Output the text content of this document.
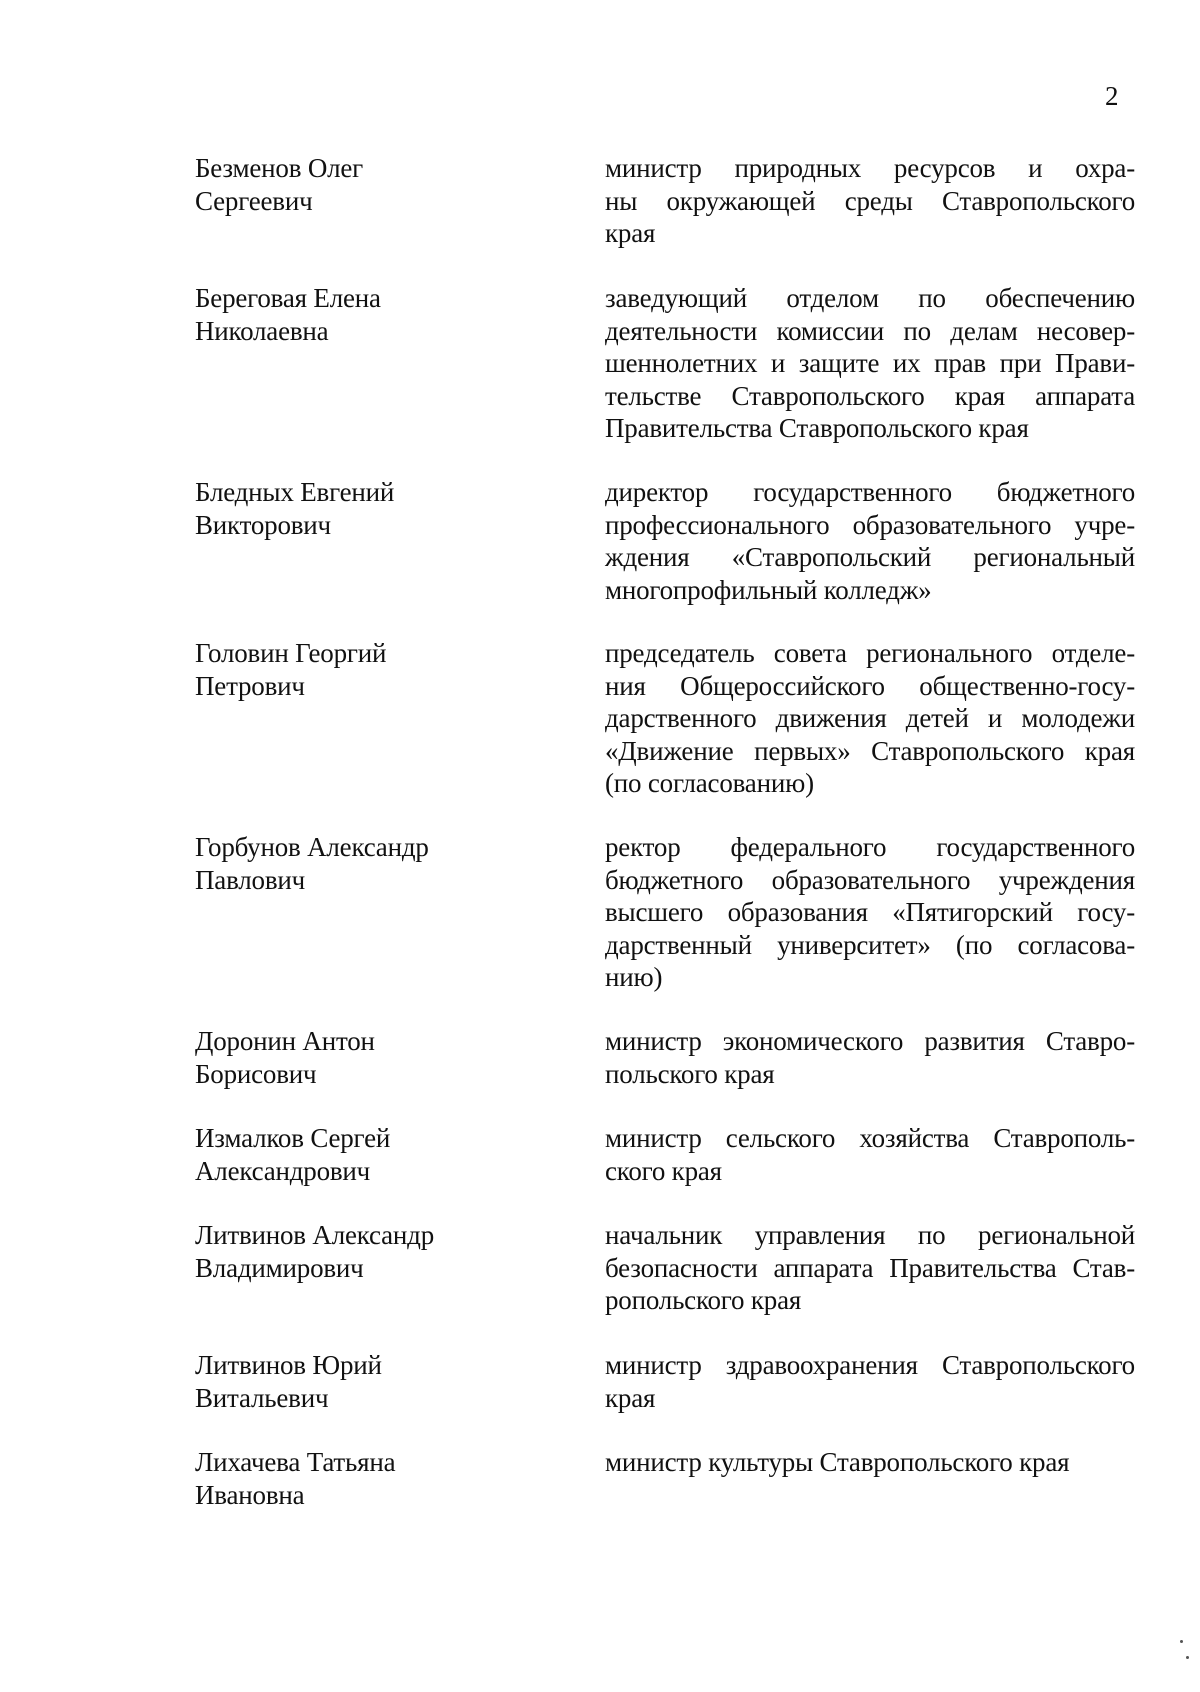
2
Безменов Олег
Сергеевич
министр природных ресурсов и охра-
ны окружающей среды Ставропольского
края
Береговая Елена
Николаевна
заведующий отделом по обеспечению
деятельности комиссии по делам несовер-
шеннолетних и защите их прав при Прави-
тельстве Ставропольского края аппарата
Правительства Ставропольского края
Бледных Евгений
Викторович
директор государственного бюджетного
профессионального образовательного учре-
ждения «Ставропольский региональный
многопрофильный колледж»
Головин Георгий
Петрович
председатель совета регионального отделе-
ния Общероссийского общественно-госу-
дарственного движения детей и молодежи
«Движение первых» Ставропольского края
(по согласованию)
Горбунов Александр
Павлович
ректор федерального государственного
бюджетного образовательного учреждения
высшего образования «Пятигорский госу-
дарственный университет» (по согласова-
нию)
Доронин Антон
Борисович
министр экономического развития Ставро-
польского края
Измалков Сергей
Александрович
министр сельского хозяйства Ставрополь-
ского края
Литвинов Александр
Владимирович
начальник управления по региональной
безопасности аппарата Правительства Став-
ропольского края
Литвинов Юрий
Витальевич
министр здравоохранения Ставропольского
края
Лихачева Татьяна
Ивановна
министр культуры Ставропольского края
